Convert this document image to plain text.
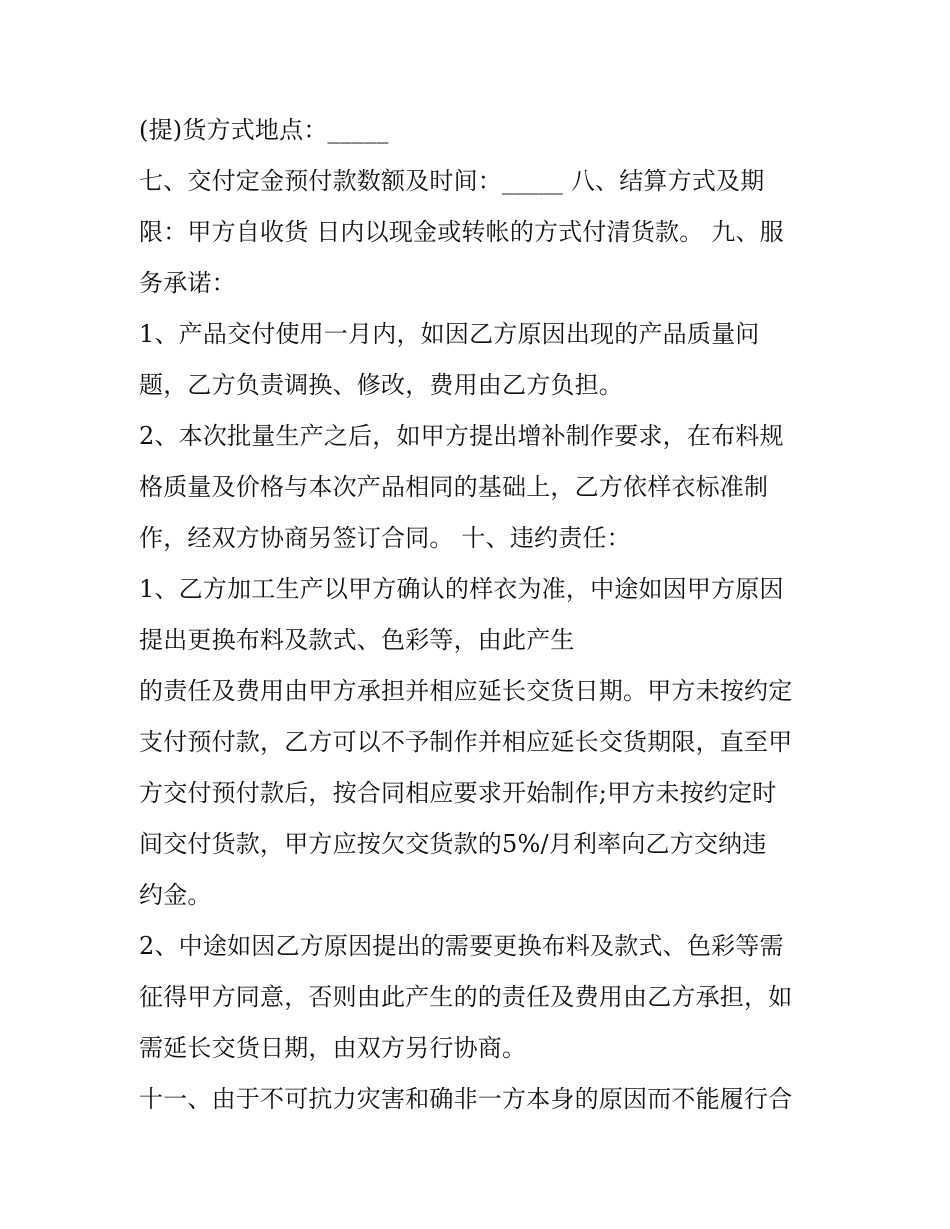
(提)货方式地点：_____
七、交付定金预付款数额及时间：_____ 八、结算方式及期
限：甲方自收货 日内以现金或转帐的方式付清货款。 九、服
务承诺：
1、产品交付使用一月内，如因乙方原因出现的产品质量问
题，乙方负责调换、修改，费用由乙方负担。
2、本次批量生产之后，如甲方提出增补制作要求，在布料规
格质量及价格与本次产品相同的基础上，乙方依样衣标准制
作，经双方协商另签订合同。 十、违约责任：
1、乙方加工生产以甲方确认的样衣为准，中途如因甲方原因
提出更换布料及款式、色彩等，由此产生
的责任及费用由甲方承担并相应延长交货日期。甲方未按约定
支付预付款，乙方可以不予制作并相应延长交货期限，直至甲
方交付预付款后，按合同相应要求开始制作;甲方未按约定时
间交付货款，甲方应按欠交货款的5%/月利率向乙方交纳违
约金。
2、中途如因乙方原因提出的需要更换布料及款式、色彩等需
征得甲方同意，否则由此产生的的责任及费用由乙方承担，如
需延长交货日期，由双方另行协商。
十一、由于不可抗力灾害和确非一方本身的原因而不能履行合
